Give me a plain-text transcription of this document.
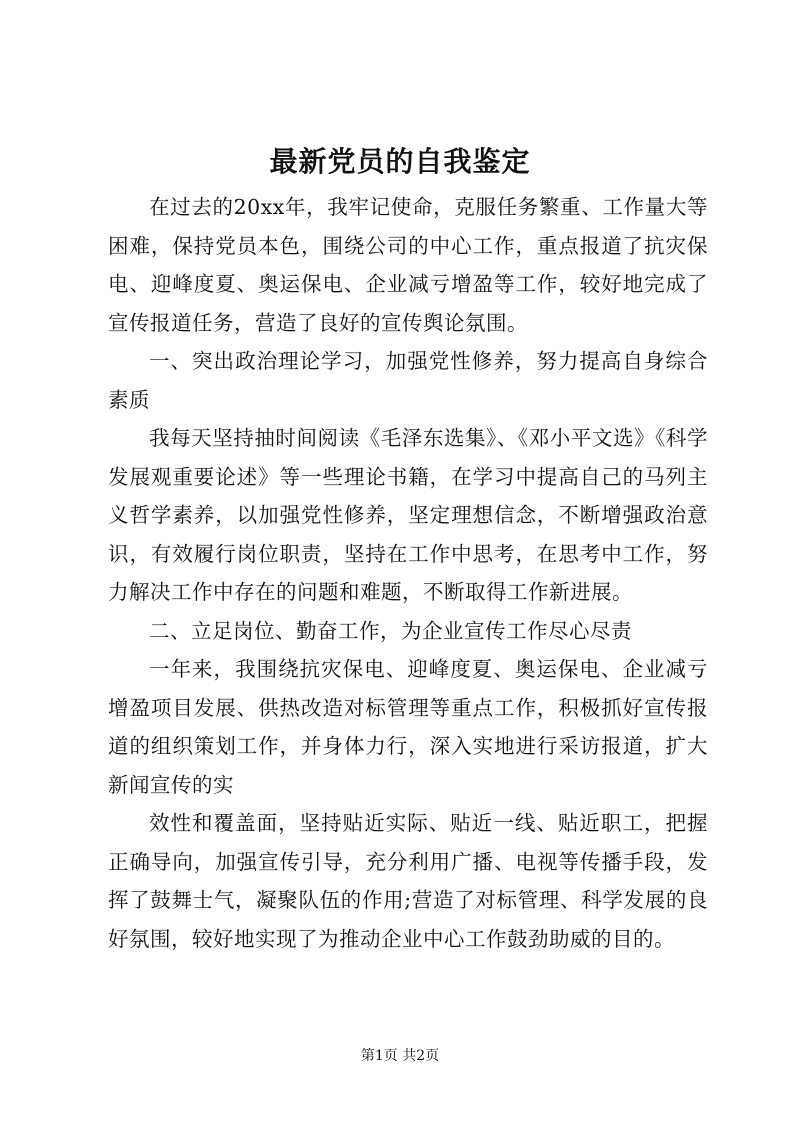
最新党员的自我鉴定

在过去的20xx年，我牢记使命，克服任务繁重、工作量大等困难，保持党员本色，围绕公司的中心工作，重点报道了抗灾保电、迎峰度夏、奥运保电、企业减亏增盈等工作，较好地完成了宣传报道任务，营造了良好的宣传舆论氛围。

一、突出政治理论学习，加强党性修养，努力提高自身综合素质

我每天坚持抽时间阅读《毛泽东选集》、《邓小平文选》《科学发展观重要论述》等一些理论书籍，在学习中提高自己的马列主义哲学素养，以加强党性修养，坚定理想信念，不断增强政治意识，有效履行岗位职责，坚持在工作中思考，在思考中工作，努力解决工作中存在的问题和难题，不断取得工作新进展。

二、立足岗位、勤奋工作，为企业宣传工作尽心尽责

一年来，我围绕抗灾保电、迎峰度夏、奥运保电、企业减亏增盈项目发展、供热改造对标管理等重点工作，积极抓好宣传报道的组织策划工作，并身体力行，深入实地进行采访报道，扩大新闻宣传的实

效性和覆盖面，坚持贴近实际、贴近一线、贴近职工，把握正确导向，加强宣传引导，充分利用广播、电视等传播手段，发挥了鼓舞士气，凝聚队伍的作用;营造了对标管理、科学发展的良好氛围，较好地实现了为推动企业中心工作鼓劲助威的目的。

第1页 共2页
